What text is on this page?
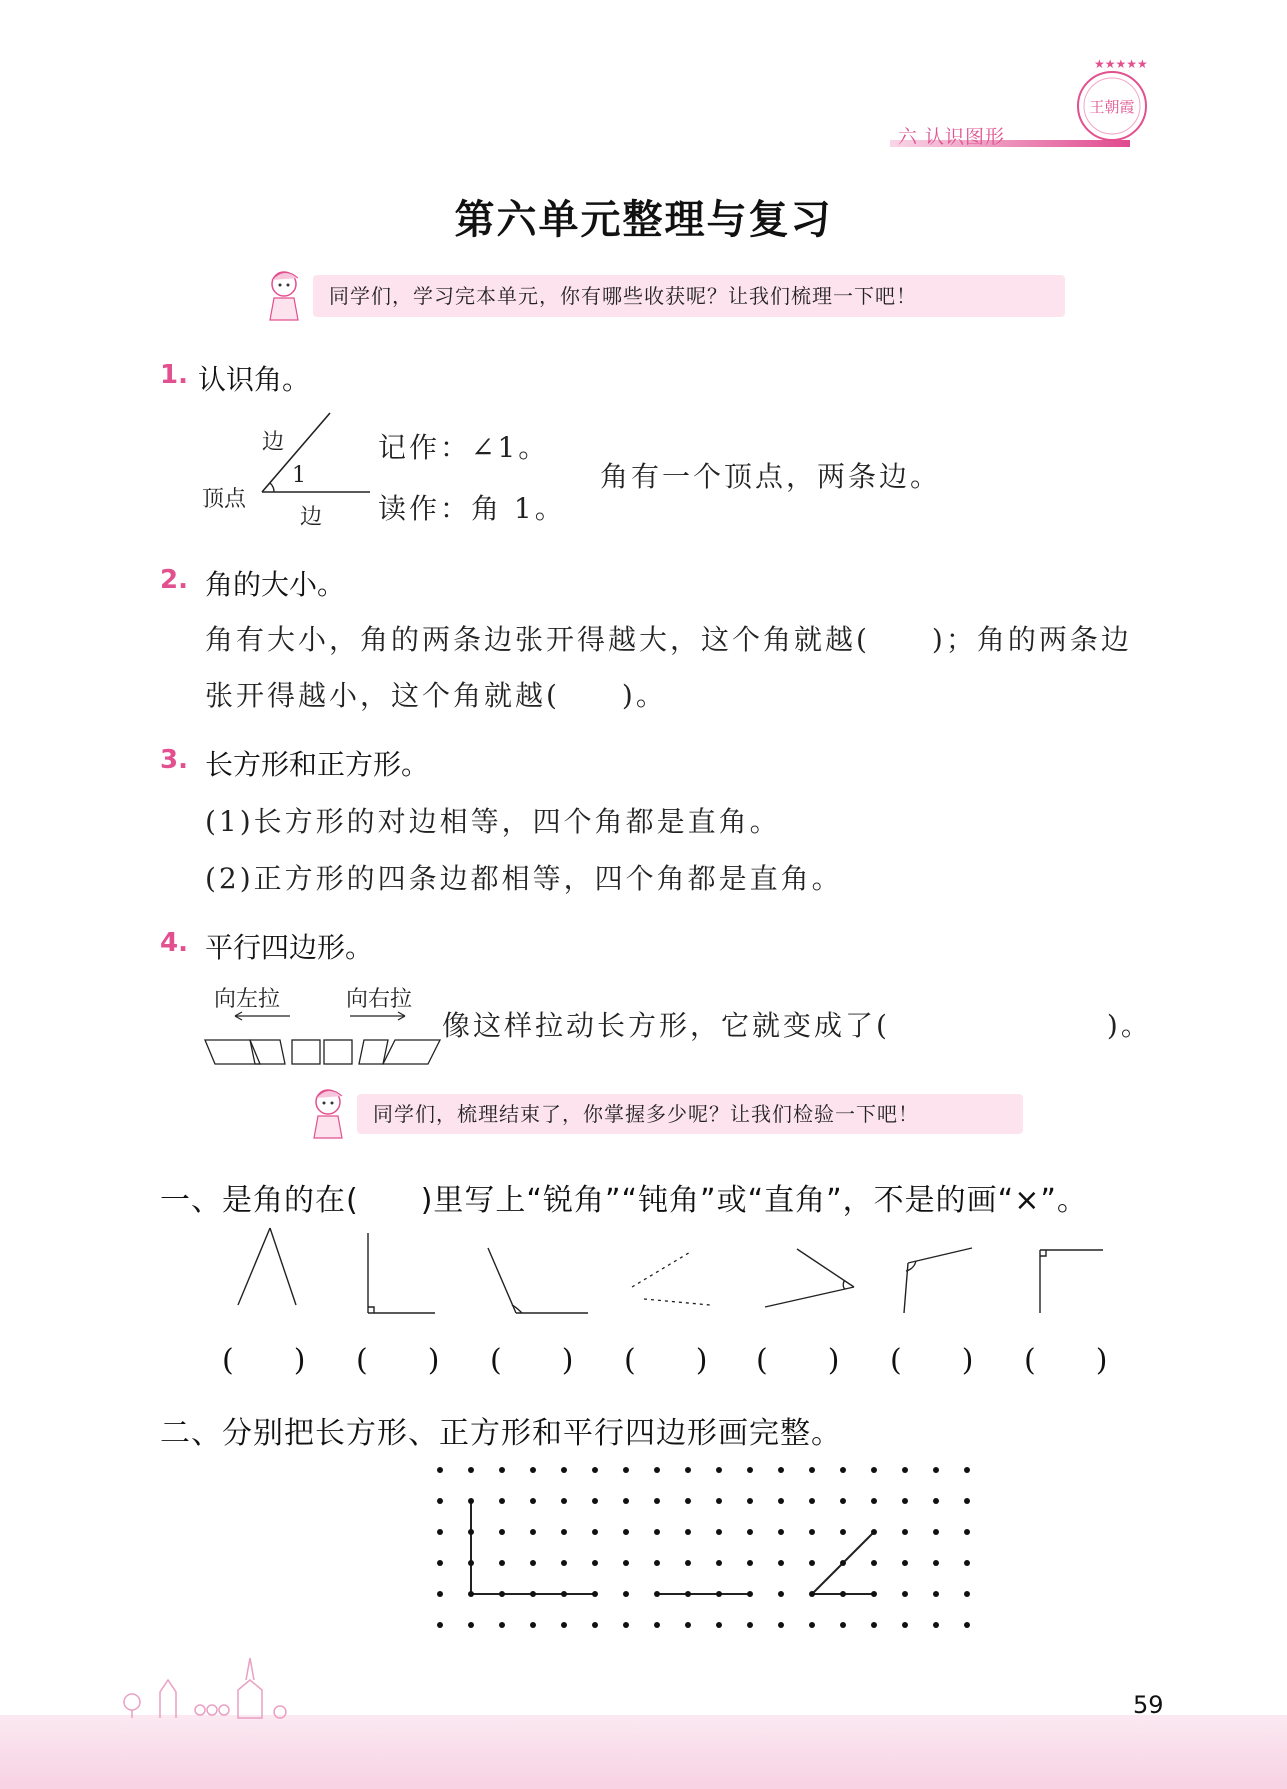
六 认识图形
★★★★★
王朝霞
第六单元整理与复习
同学们，学习完本单元，你有哪些收获呢？让我们梳理一下吧！
1. 认识角。
边
1
顶点
边
记作：∠1。
读作：角 1。
角有一个顶点，两条边。
2. 角的大小。
角有大小，角的两条边张开得越大，这个角就越(　　)；角的两条边
张开得越小，这个角就越(　　)。
3. 长方形和正方形。
(1)长方形的对边相等，四个角都是直角。
(2)正方形的四条边都相等，四个角都是直角。
4. 平行四边形。
向左拉	向右拉
像这样拉动长方形，它就变成了(　　　　　　　)。
同学们，梳理结束了，你掌握多少呢？让我们检验一下吧！
一、是角的在(　　)里写上“锐角”“钝角”或“直角”，不是的画“×”。
(　　) (　　) (　　) (　　) (　　) (　　) (　　)
二、分别把长方形、正方形和平行四边形画完整。
59
